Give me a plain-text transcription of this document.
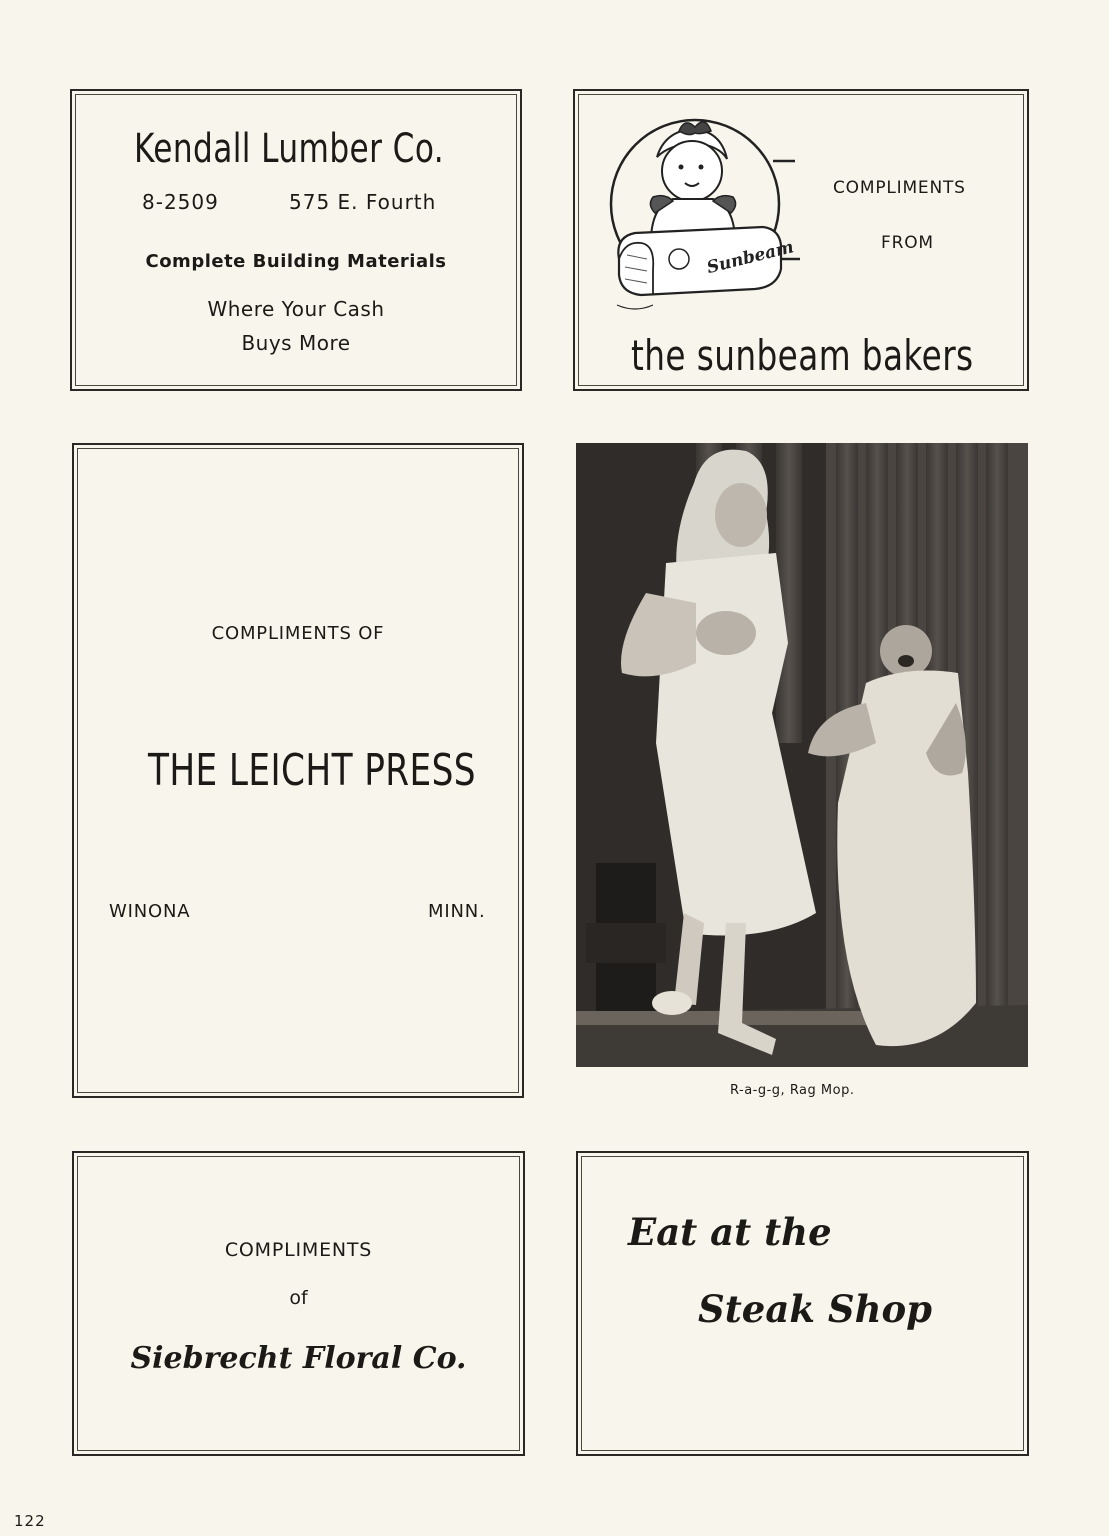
Kendall Lumber Co.
8-2509	575 E. Fourth
Complete Building Materials
Where Your Cash
Buys More
Sunbeam
COMPLIMENTS
FROM
the sunbeam bakers
COMPLIMENTS OF
THE LEICHT PRESS
WINONA	MINN.
R-a-g-g, Rag Mop.
COMPLIMENTS
of
Siebrecht Floral Co.
Eat at the
Steak Shop
122
